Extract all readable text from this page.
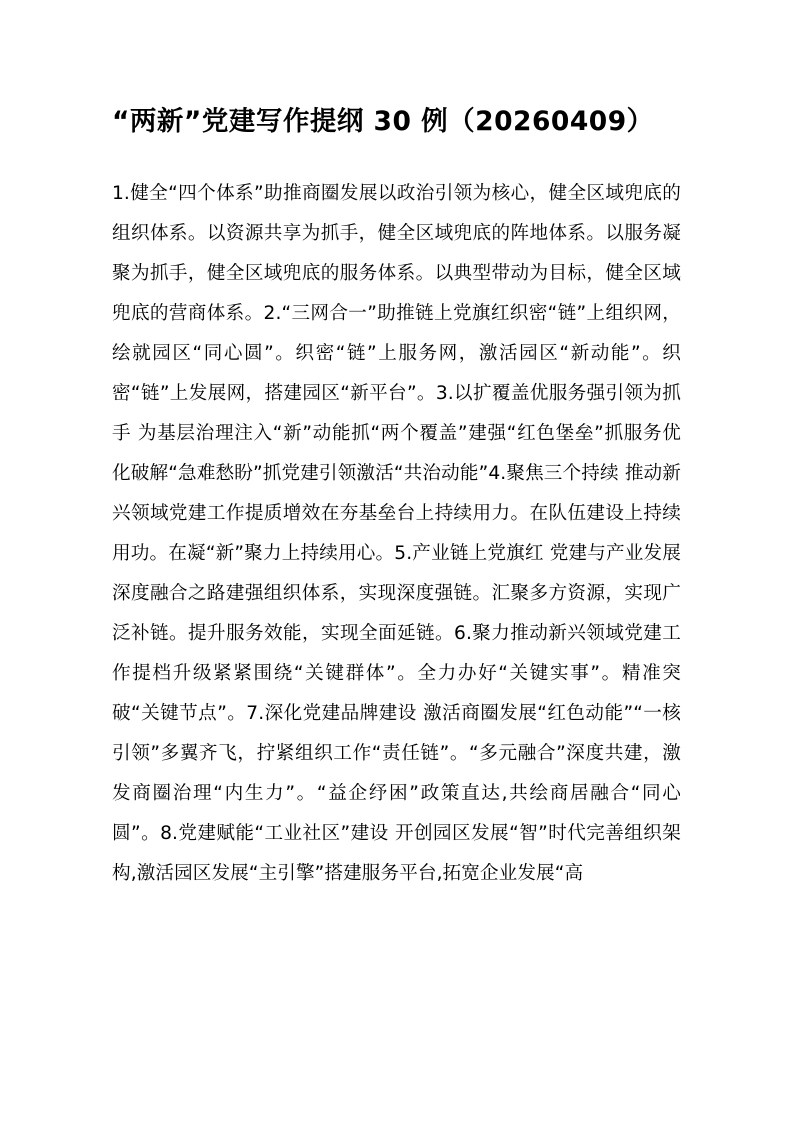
“两新”党建写作提纲 30 例（20260409）

1.健全“四个体系”助推商圈发展以政治引领为核心，健全区域兜底的组织体系。以资源共享为抓手，健全区域兜底的阵地体系。以服务凝聚为抓手，健全区域兜底的服务体系。以典型带动为目标，健全区域兜底的营商体系。2.“三网合一”助推链上党旗红织密“链”上组织网，绘就园区“同心圆”。织密“链”上服务网，激活园区“新动能”。织密“链”上发展网，搭建园区“新平台”。3.以扩覆盖优服务强引领为抓手 为基层治理注入“新”动能抓“两个覆盖”建强“红色堡垒”抓服务优化破解“急难愁盼”抓党建引领激活“共治动能”4.聚焦三个持续 推动新兴领域党建工作提质增效在夯基垒台上持续用力。在队伍建设上持续用功。在凝“新”聚力上持续用心。5.产业链上党旗红 党建与产业发展深度融合之路建强组织体系，实现深度强链。汇聚多方资源，实现广泛补链。提升服务效能，实现全面延链。6.聚力推动新兴领域党建工作提档升级紧紧围绕“关键群体”。全力办好“关键实事”。精准突破“关键节点”。7.深化党建品牌建设 激活商圈发展“红色动能”“一核引领”多翼齐飞，拧紧组织工作“责任链”。“多元融合”深度共建，激发商圈治理“内生力”。“益企纾困”政策直达,共绘商居融合“同心圆”。8.党建赋能“工业社区”建设 开创园区发展“智”时代完善组织架构,激活园区发展“主引擎”搭建服务平台,拓宽企业发展“高
